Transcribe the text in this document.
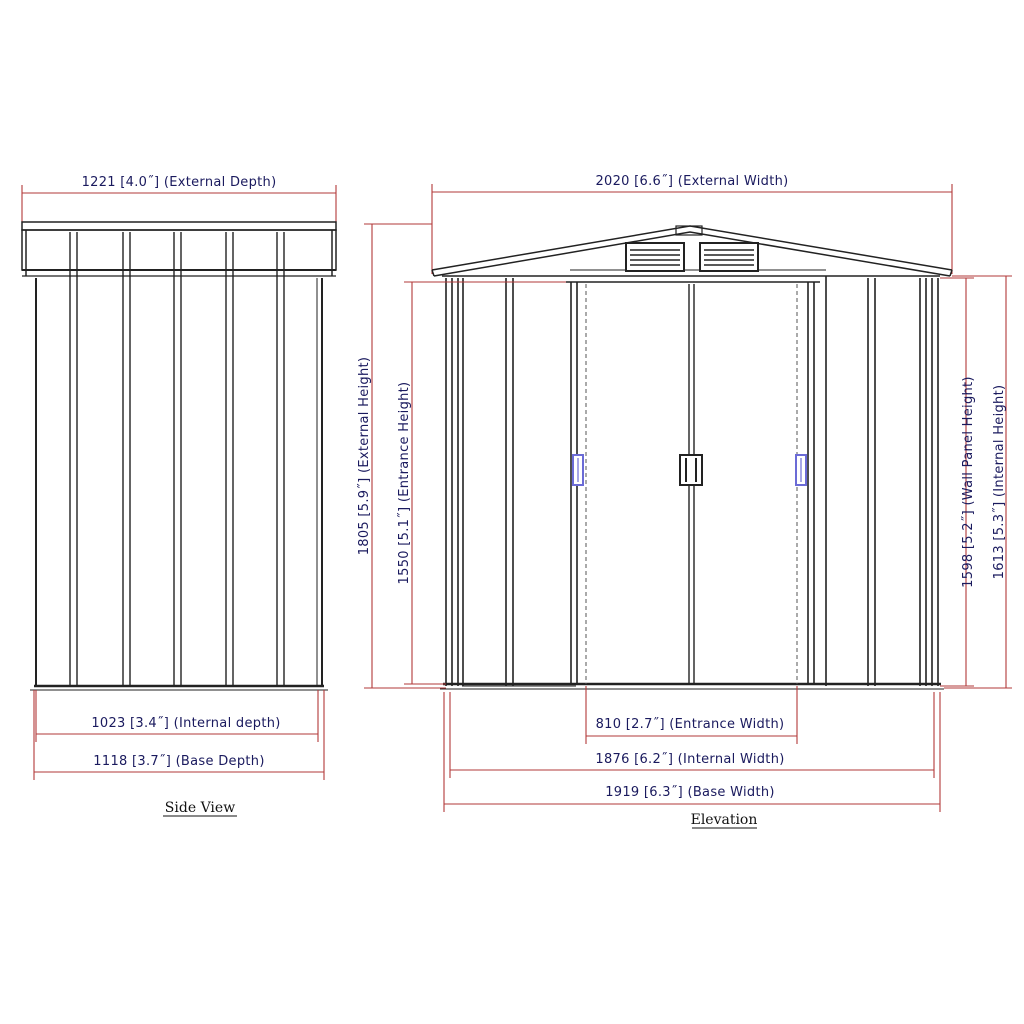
1221 [4.0˝] (External Depth)
1023 [3.4˝] (Internal depth)
1118 [3.7˝] (Base Depth)
Side View
2020 [6.6˝] (External Width)
1805 [5.9˝] (External Height) 1550 [5.1˝] (Entrance Height)	1598 [5.2˝] (Wall Panel Height) 1613 [5.3˝] (Internal Height)
810 [2.7˝] (Entrance Width)
1876 [6.2˝] (Internal Width)
1919 [6.3˝] (Base Width)
Elevation
